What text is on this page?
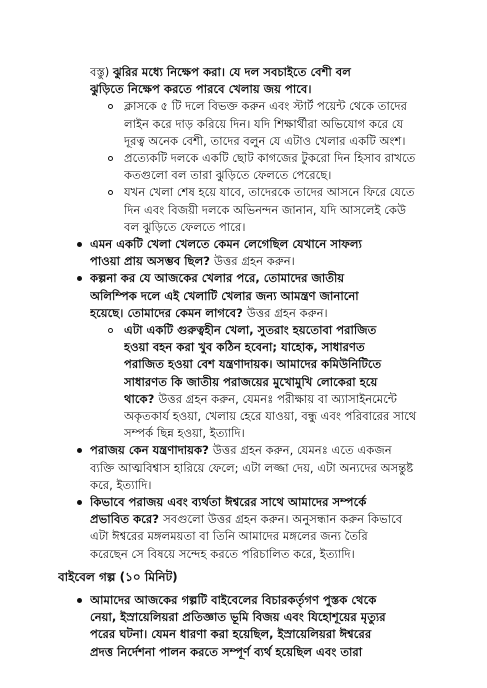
বস্তু) ঝুরির মধ্যে নিক্ষেপ করা। যে দল সবচাইতে বেশী বল
ঝুড়িতে নিক্ষেপ করতে পারবে খেলায় জয় পাবে।
ক্লাসকে ৫ টি দলে বিভক্ত করুন এবং স্টার্ট পয়েন্ট থেকে তাদের
লাইন করে দাড় করিয়ে দিন। যদি শিক্ষার্থীরা অভিযোগ করে যে
দূরত্ব অনেক বেশী, তাদের বলুন যে এটাও খেলার একটি অংশ।
প্রত্যেকটি দলকে একটি ছোট কাগজের টুকরো দিন হিসাব রাখতে
কতগুলো বল তারা ঝুড়িতে ফেলতে পেরেছে।
যখন খেলা শেষ হয়ে যাবে, তাদেরকে তাদের আসনে ফিরে যেতে
দিন এবং বিজয়ী দলকে অভিনন্দন জানান, যদি আসলেই কেউ
বল ঝুড়িতে ফেলতে পারে।
এমন একটি খেলা খেলতে কেমন লেগেছিল যেখানে সাফল্য
পাওয়া প্রায় অসম্ভব ছিল? উত্তর গ্রহন করুন।
কল্পনা কর যে আজকের খেলার পরে, তোমাদের জাতীয়
অলিম্পিক দলে এই খেলাটি খেলার জন্য আমন্ত্রণ জানানো
হয়েছে। তোমাদের কেমন লাগবে? উত্তর গ্রহন করুন।
এটা একটি গুরুত্বহীন খেলা, সুতরাং হয়তোবা পরাজিত
হওয়া বহন করা খুব কঠিন হবেনা; যাহোক, সাধারণত
পরাজিত হওয়া বেশ যন্ত্রণাদায়ক। আমাদের কমিউনিটিতে
সাধারণত কি জাতীয় পরাজয়ের মুখোমুখি লোকেরা হয়ে
থাকে? উত্তর গ্রহন করুন, যেমনঃ পরীক্ষায় বা অ্যাসাইনমেন্টে
অকৃতকার্য হওয়া, খেলায় হেরে যাওয়া, বন্ধু এবং পরিবারের সাথে
সম্পর্ক ছিন্ন হওয়া, ইত্যাদি।
পরাজয় কেন যন্ত্রণাদায়ক? উত্তর গ্রহন করুন, যেমনঃ এতে একজন
ব্যক্তি আত্মবিশ্বাস হারিয়ে ফেলে; এটা লজ্জা দেয়, এটা অন্যদের অসন্তুষ্ট
করে, ইত্যাদি।
কিভাবে পরাজয় এবং ব্যর্থতা ঈশ্বরের সাথে আমাদের সম্পর্কে
প্রভাবিত করে? সবগুলো উত্তর গ্রহন করুন। অনুসন্ধান করুন কিভাবে
এটা ঈশ্বরের মঙ্গলময়তা বা তিনি আমাদের মঙ্গলের জন্য তৈরি
করেছেন সে বিষয়ে সন্দেহ করতে পরিচালিত করে, ইত্যাদি।
বাইবেল গল্প (১০ মিনিট)
আমাদের আজকের গল্পটি বাইবেলের বিচারকর্তৃগণ পুস্তক থেকে
নেয়া, ইস্রায়েলিয়রা প্রতিজ্ঞাত ভূমি বিজয় এবং যিহোশূয়ের মৃত্যুর
পরের ঘটনা। যেমন ধারণা করা হয়েছিল, ইস্রায়েলিয়রা ঈশ্বরের
প্রদত্ত নির্দেশনা পালন করতে সম্পূর্ণ ব্যর্থ হয়েছিল এবং তারা
